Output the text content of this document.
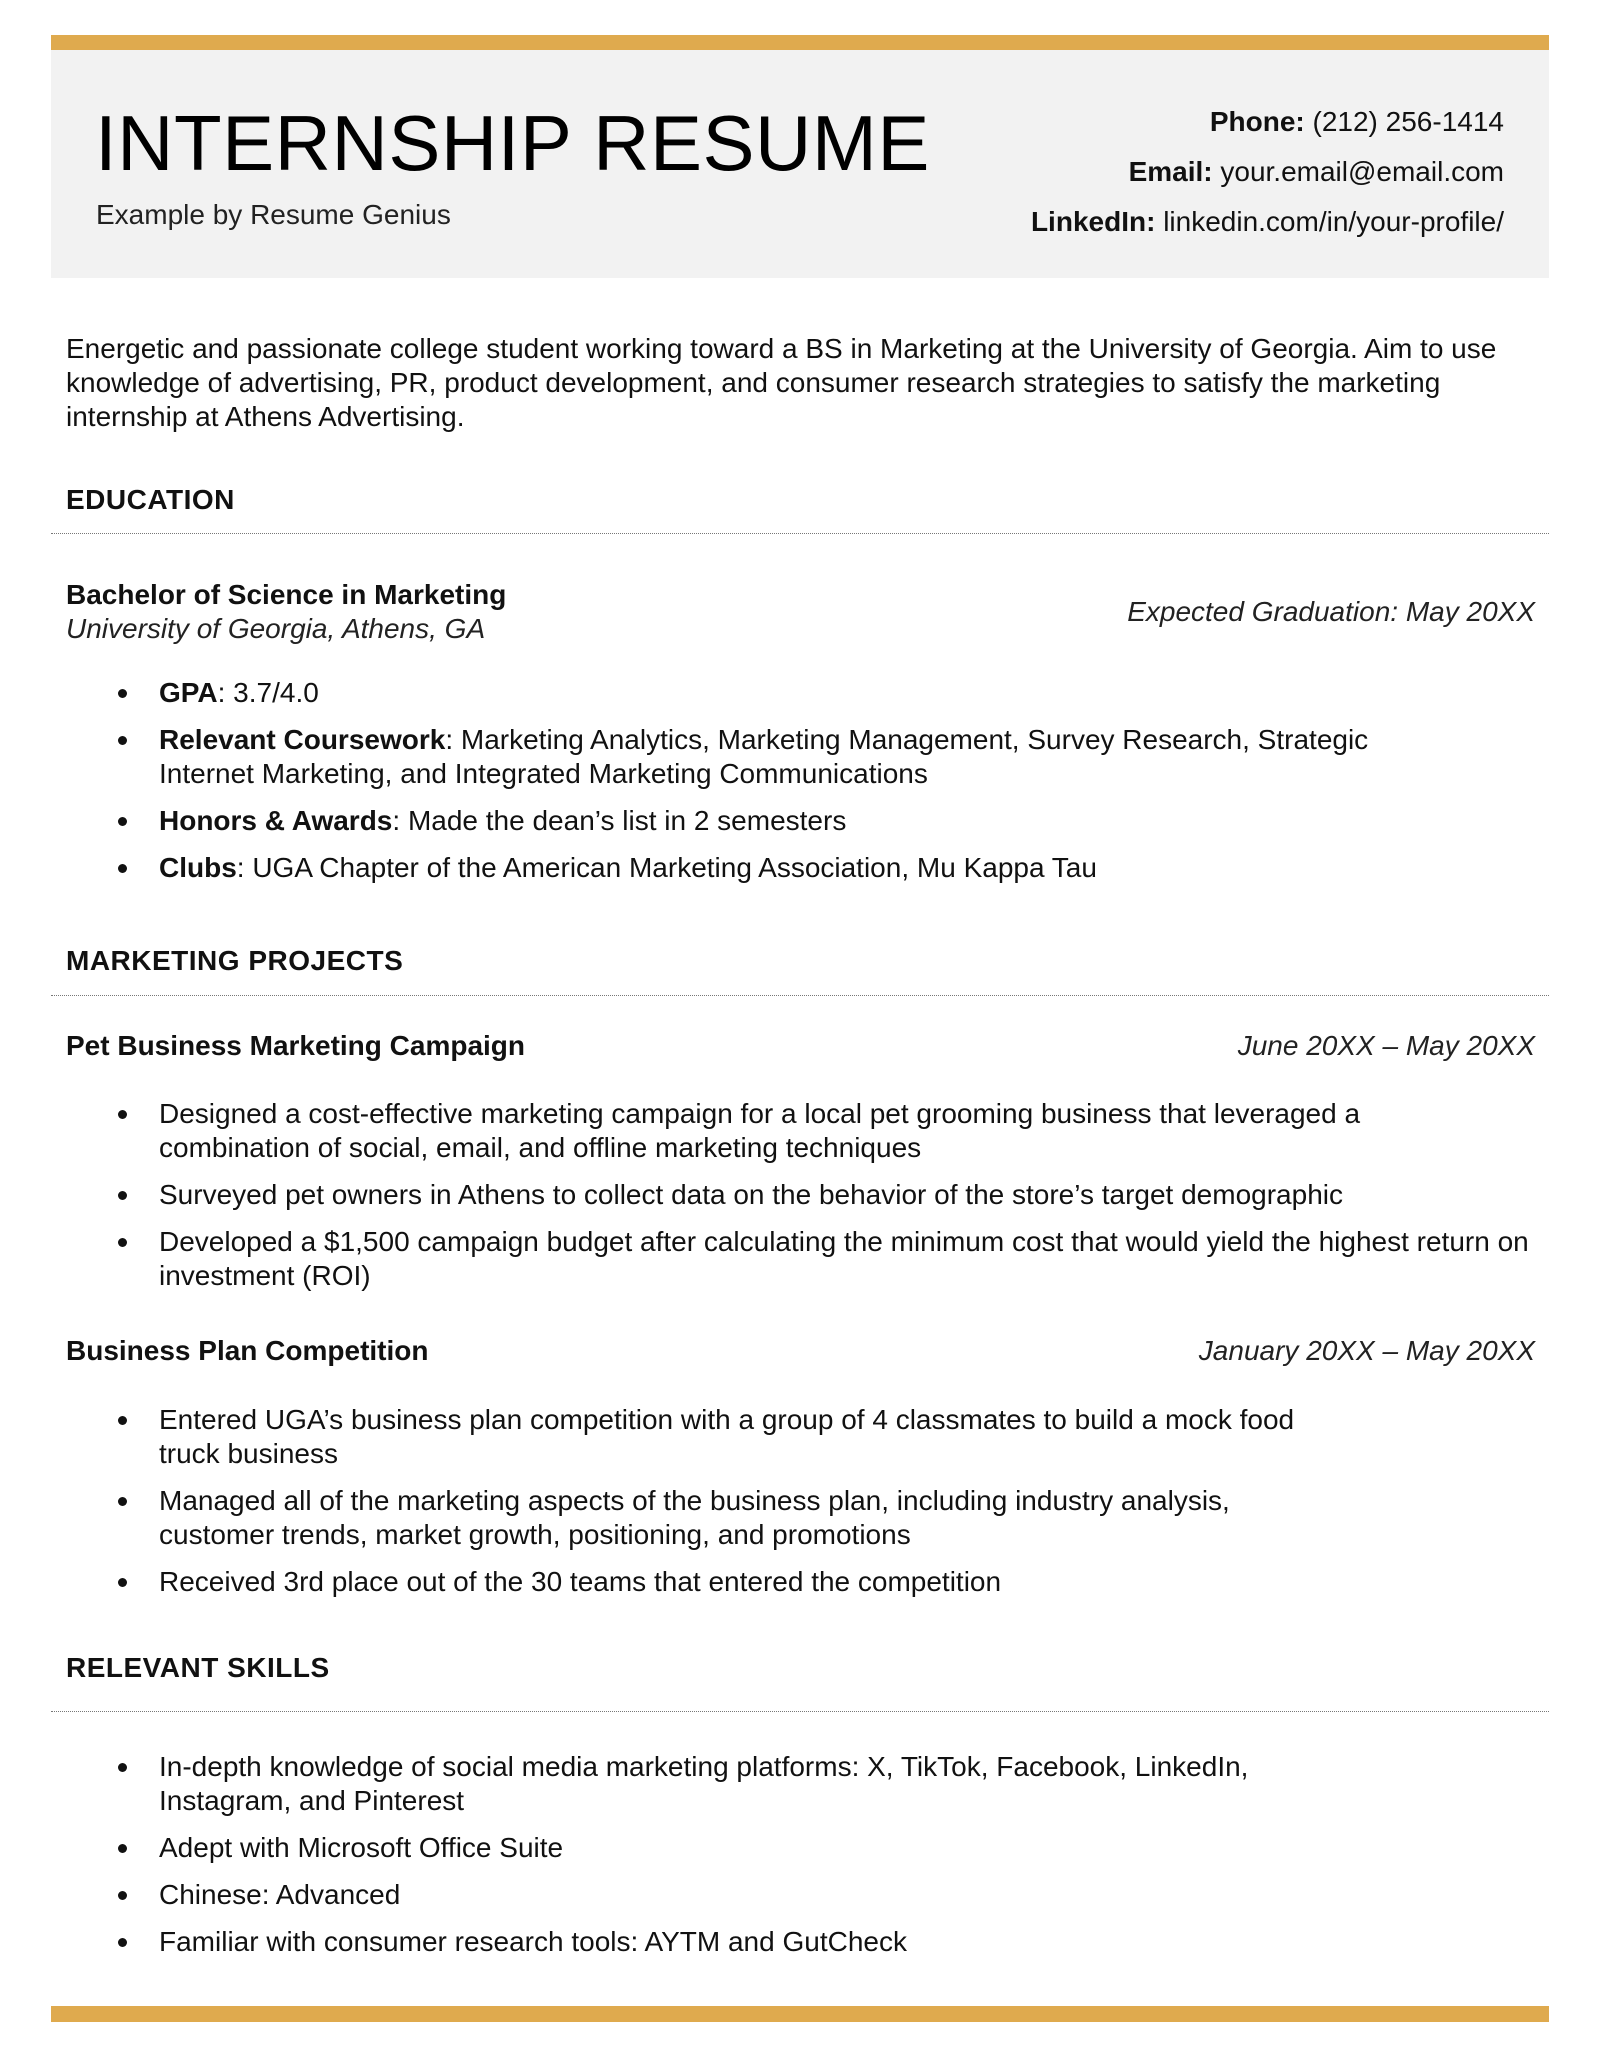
INTERNSHIP RESUME
Example by Resume Genius
Phone: (212) 256-1414
Email: your.email@email.com
LinkedIn: linkedin.com/in/your-profile/

Energetic and passionate college student working toward a BS in Marketing at the University of Georgia. Aim to use knowledge of advertising, PR, product development, and consumer research strategies to satisfy the marketing internship at Athens Advertising.

EDUCATION
Bachelor of Science in Marketing
University of Georgia, Athens, GA
Expected Graduation: May 20XX
GPA: 3.7/4.0
Relevant Coursework: Marketing Analytics, Marketing Management, Survey Research, Strategic Internet Marketing, and Integrated Marketing Communications
Honors & Awards: Made the dean’s list in 2 semesters
Clubs: UGA Chapter of the American Marketing Association, Mu Kappa Tau
MARKETING PROJECTS
Pet Business Marketing Campaign	June 20XX – May 20XX
Designed a cost-effective marketing campaign for a local pet grooming business that leveraged a combination of social, email, and offline marketing techniques
Surveyed pet owners in Athens to collect data on the behavior of the store’s target demographic
Developed a $1,500 campaign budget after calculating the minimum cost that would yield the highest return on investment (ROI)
Business Plan Competition	January 20XX – May 20XX
Entered UGA’s business plan competition with a group of 4 classmates to build a mock food truck business
Managed all of the marketing aspects of the business plan, including industry analysis, customer trends, market growth, positioning, and promotions
Received 3rd place out of the 30 teams that entered the competition
RELEVANT SKILLS
In-depth knowledge of social media marketing platforms: X, TikTok, Facebook, LinkedIn, Instagram, and Pinterest
Adept with Microsoft Office Suite
Chinese: Advanced
Familiar with consumer research tools: AYTM and GutCheck
